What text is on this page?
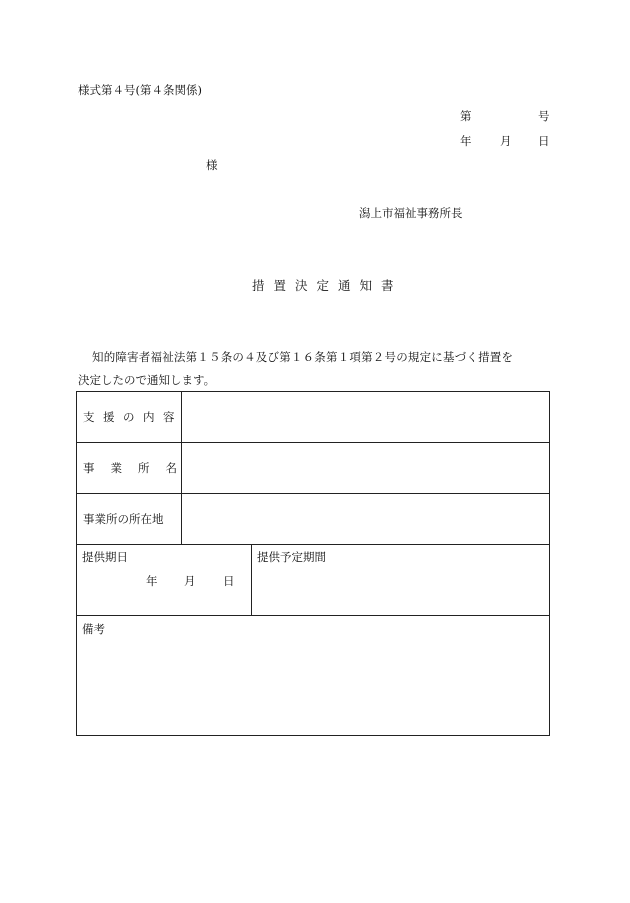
様式第４号(第４条関係)
第	号
年 月 日
様
潟上市福祉事務所長
措置決定通知書
知的障害者福祉法第１５条の４及び第１６条第１項第２号の規定に基づく措置を
決定したので通知します。
支援の内容
事業所名
事業所の所在地
提供期日
年 月 日
提供予定期間
備考
